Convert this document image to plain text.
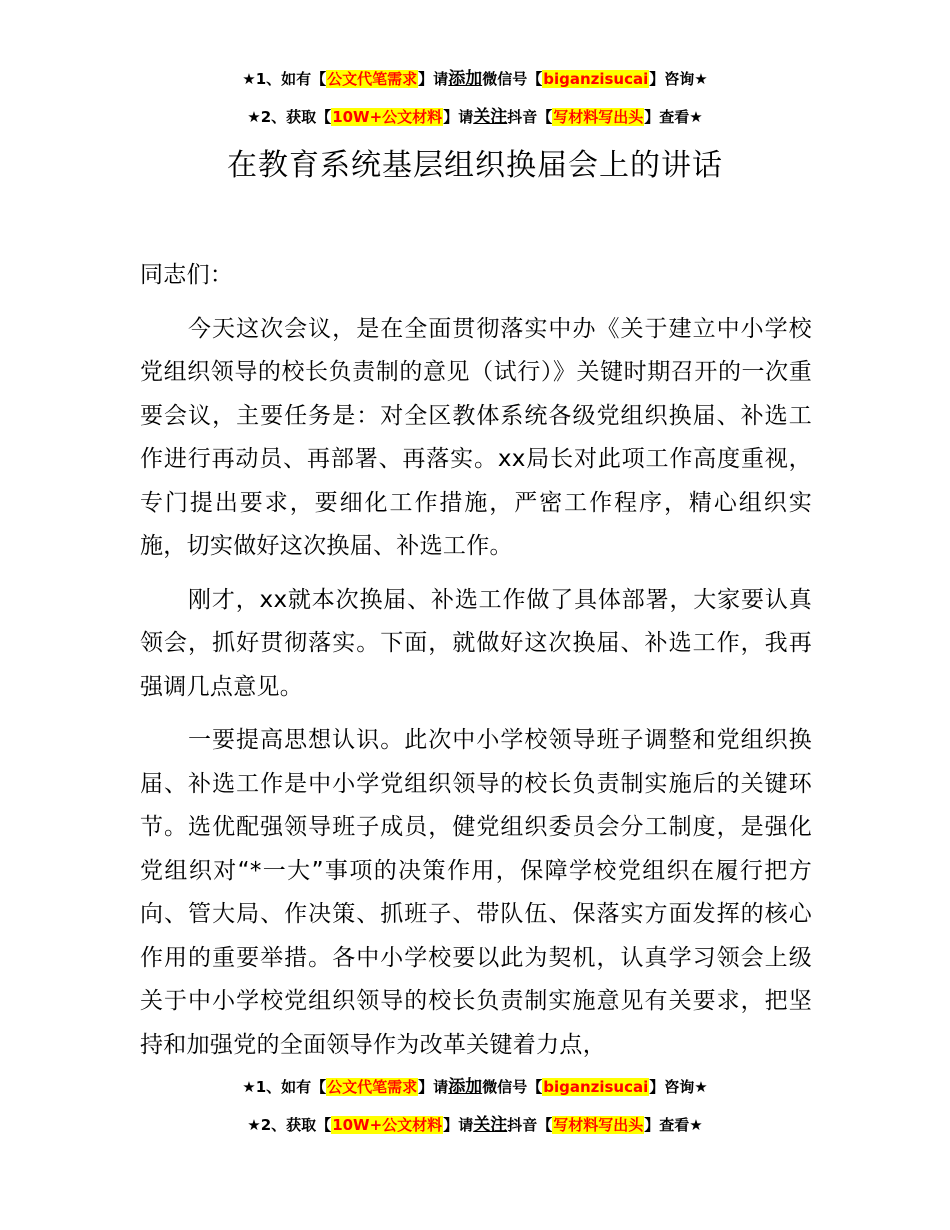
★1、如有【公文代笔需求】请添加微信号【biganzisucai】咨询★
★2、获取【10W+公文材料】请关注抖音【写材料写出头】查看★
在教育系统基层组织换届会上的讲话

同志们：

今天这次会议，是在全面贯彻落实中办《关于建立中小学校党组织领导的校长负责制的意见（试行）》关键时期召开的一次重要会议，主要任务是：对全区教体系统各级党组织换届、补选工作进行再动员、再部署、再落实。xx局长对此项工作高度重视，专门提出要求，要细化工作措施，严密工作程序，精心组织实施，切实做好这次换届、补选工作。

刚才，xx就本次换届、补选工作做了具体部署，大家要认真领会，抓好贯彻落实。下面，就做好这次换届、补选工作，我再强调几点意见。

一要提高思想认识。此次中小学校领导班子调整和党组织换届、补选工作是中小学党组织领导的校长负责制实施后的关键环节。选优配强领导班子成员，健党组织委员会分工制度，是强化党组织对“*一大”事项的决策作用，保障学校党组织在履行把方向、管大局、作决策、抓班子、带队伍、保落实方面发挥的核心作用的重要举措。各中小学校要以此为契机，认真学习领会上级关于中小学校党组织领导的校长负责制实施意见有关要求，把坚持和加强党的全面领导作为改革关键着力点，

★1、如有【公文代笔需求】请添加微信号【biganzisucai】咨询★
★2、获取【10W+公文材料】请关注抖音【写材料写出头】查看★
